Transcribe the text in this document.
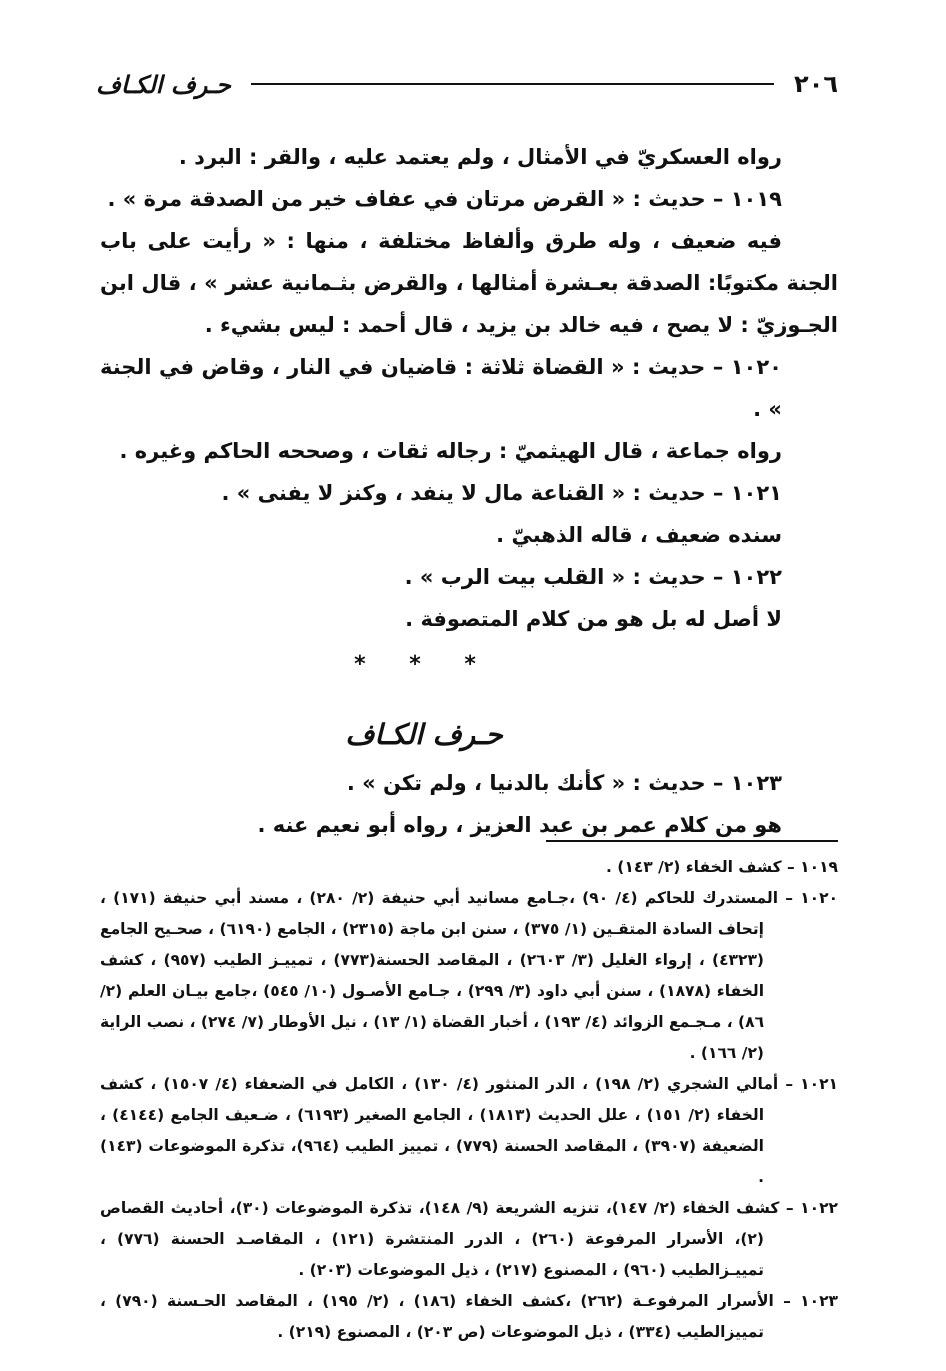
٢٠٦
حـرف الكـاف

رواه العسكريّ في الأمثال ، ولم يعتمد عليه ، والقر : البرد .

١٠١٩ – حديث : « القرض مرتان في عفاف خير من الصدقة مرة » .

فيه ضعيف ، وله طرق وألفاظ مختلفة ، منها : « رأيت على باب الجنة مكتوبًا: الصدقة بعـشرة أمثالها ، والقرض بثـمانية عشر » ، قال ابن الجـوزيّ : لا يصح ، فيه خالد بن يزيد ، قال أحمد : ليس بشيء .

١٠٢٠ – حديث : « القضاة ثلاثة : قاضيان في النار ، وقاض في الجنة » .

رواه جماعة ، قال الهيثميّ : رجاله ثقات ، وصححه الحاكم وغيره .

١٠٢١ – حديث : « القناعة مال لا ينفد ، وكنز لا يفنى » .

سنده ضعيف ، قاله الذهبيّ .

١٠٢٢ – حديث : « القلب بيت الرب » .

لا أصل له بل هو من كلام المتصوفة .

* * *
حـرف الكـاف

١٠٢٣ – حديث : « كأنك بالدنيا ، ولم تكن » .

هو من كلام عمر بن عبد العزيز ، رواه أبو نعيم عنه .

١٠١٩ – كشف الخفاء (٢/ ١٤٣) .

١٠٢٠ – المستدرك للحاكم (٤/ ٩٠) ،جـامع مسانيد أبي حنيفة (٢/ ٢٨٠) ، مسند أبي حنيفة (١٧١) ، إتحاف السادة المتقـين (١/ ٣٧٥) ، سنن ابن ماجة (٢٣١٥) ، الجامع (٦١٩٠) ، صحـيح الجامع (٤٣٢٣) ، إرواء الغليل (٣/ ٢٦٠٣) ، المقاصد الحسنة(٧٧٣) ، تمييـز الطيب (٩٥٧) ، كشف الخفاء (١٨٧٨) ، سنن أبي داود (٣/ ٢٩٩) ، جـامع الأصـول (١٠/ ٥٤٥) ،جامع بيـان العلم (٢/ ٨٦) ، مـجـمع الزوائد (٤/ ١٩٣) ، أخبار القضاة (١/ ١٣) ، نيل الأوطار (٧/ ٢٧٤) ، نصب الراية (٢/ ١٦٦) .

١٠٢١ – أمالي الشجري (٢/ ١٩٨) ، الدر المنثور (٤/ ١٣٠) ، الكامل في الضعفاء (٤/ ١٥٠٧) ، كشف الخفاء (٢/ ١٥١) ، علل الحديث (١٨١٣) ، الجامع الصغير (٦١٩٣) ، ضـعيف الجامع (٤١٤٤) ، الضعيفة (٣٩٠٧) ، المقاصد الحسنة (٧٧٩) ، تمييز الطيب (٩٦٤)، تذكرة الموضوعات (١٤٣) .

١٠٢٢ – كشف الخفاء (٢/ ١٤٧)، تنزيه الشريعة (٩/ ١٤٨)، تذكرة الموضوعات (٣٠)، أحاديث القصاص (٢)، الأسرار المرفوعة (٢٦٠) ، الدرر المنتشرة (١٢١) ، المقاصـد الحسنة (٧٧٦) ، تمييـزالطيب (٩٦٠) ، المصنوع (٢١٧) ، ذيل الموضوعات (٢٠٣) .

١٠٢٣ – الأسرار المرفوعـة (٢٦٢) ،كشف الخفاء (١٨٦) ، (٢/ ١٩٥) ، المقاصد الحـسنة (٧٩٠) ، تمييزالطيب (٣٣٤) ، ذيل الموضوعات (ص ٢٠٣) ، المصنوع (٢١٩) .
